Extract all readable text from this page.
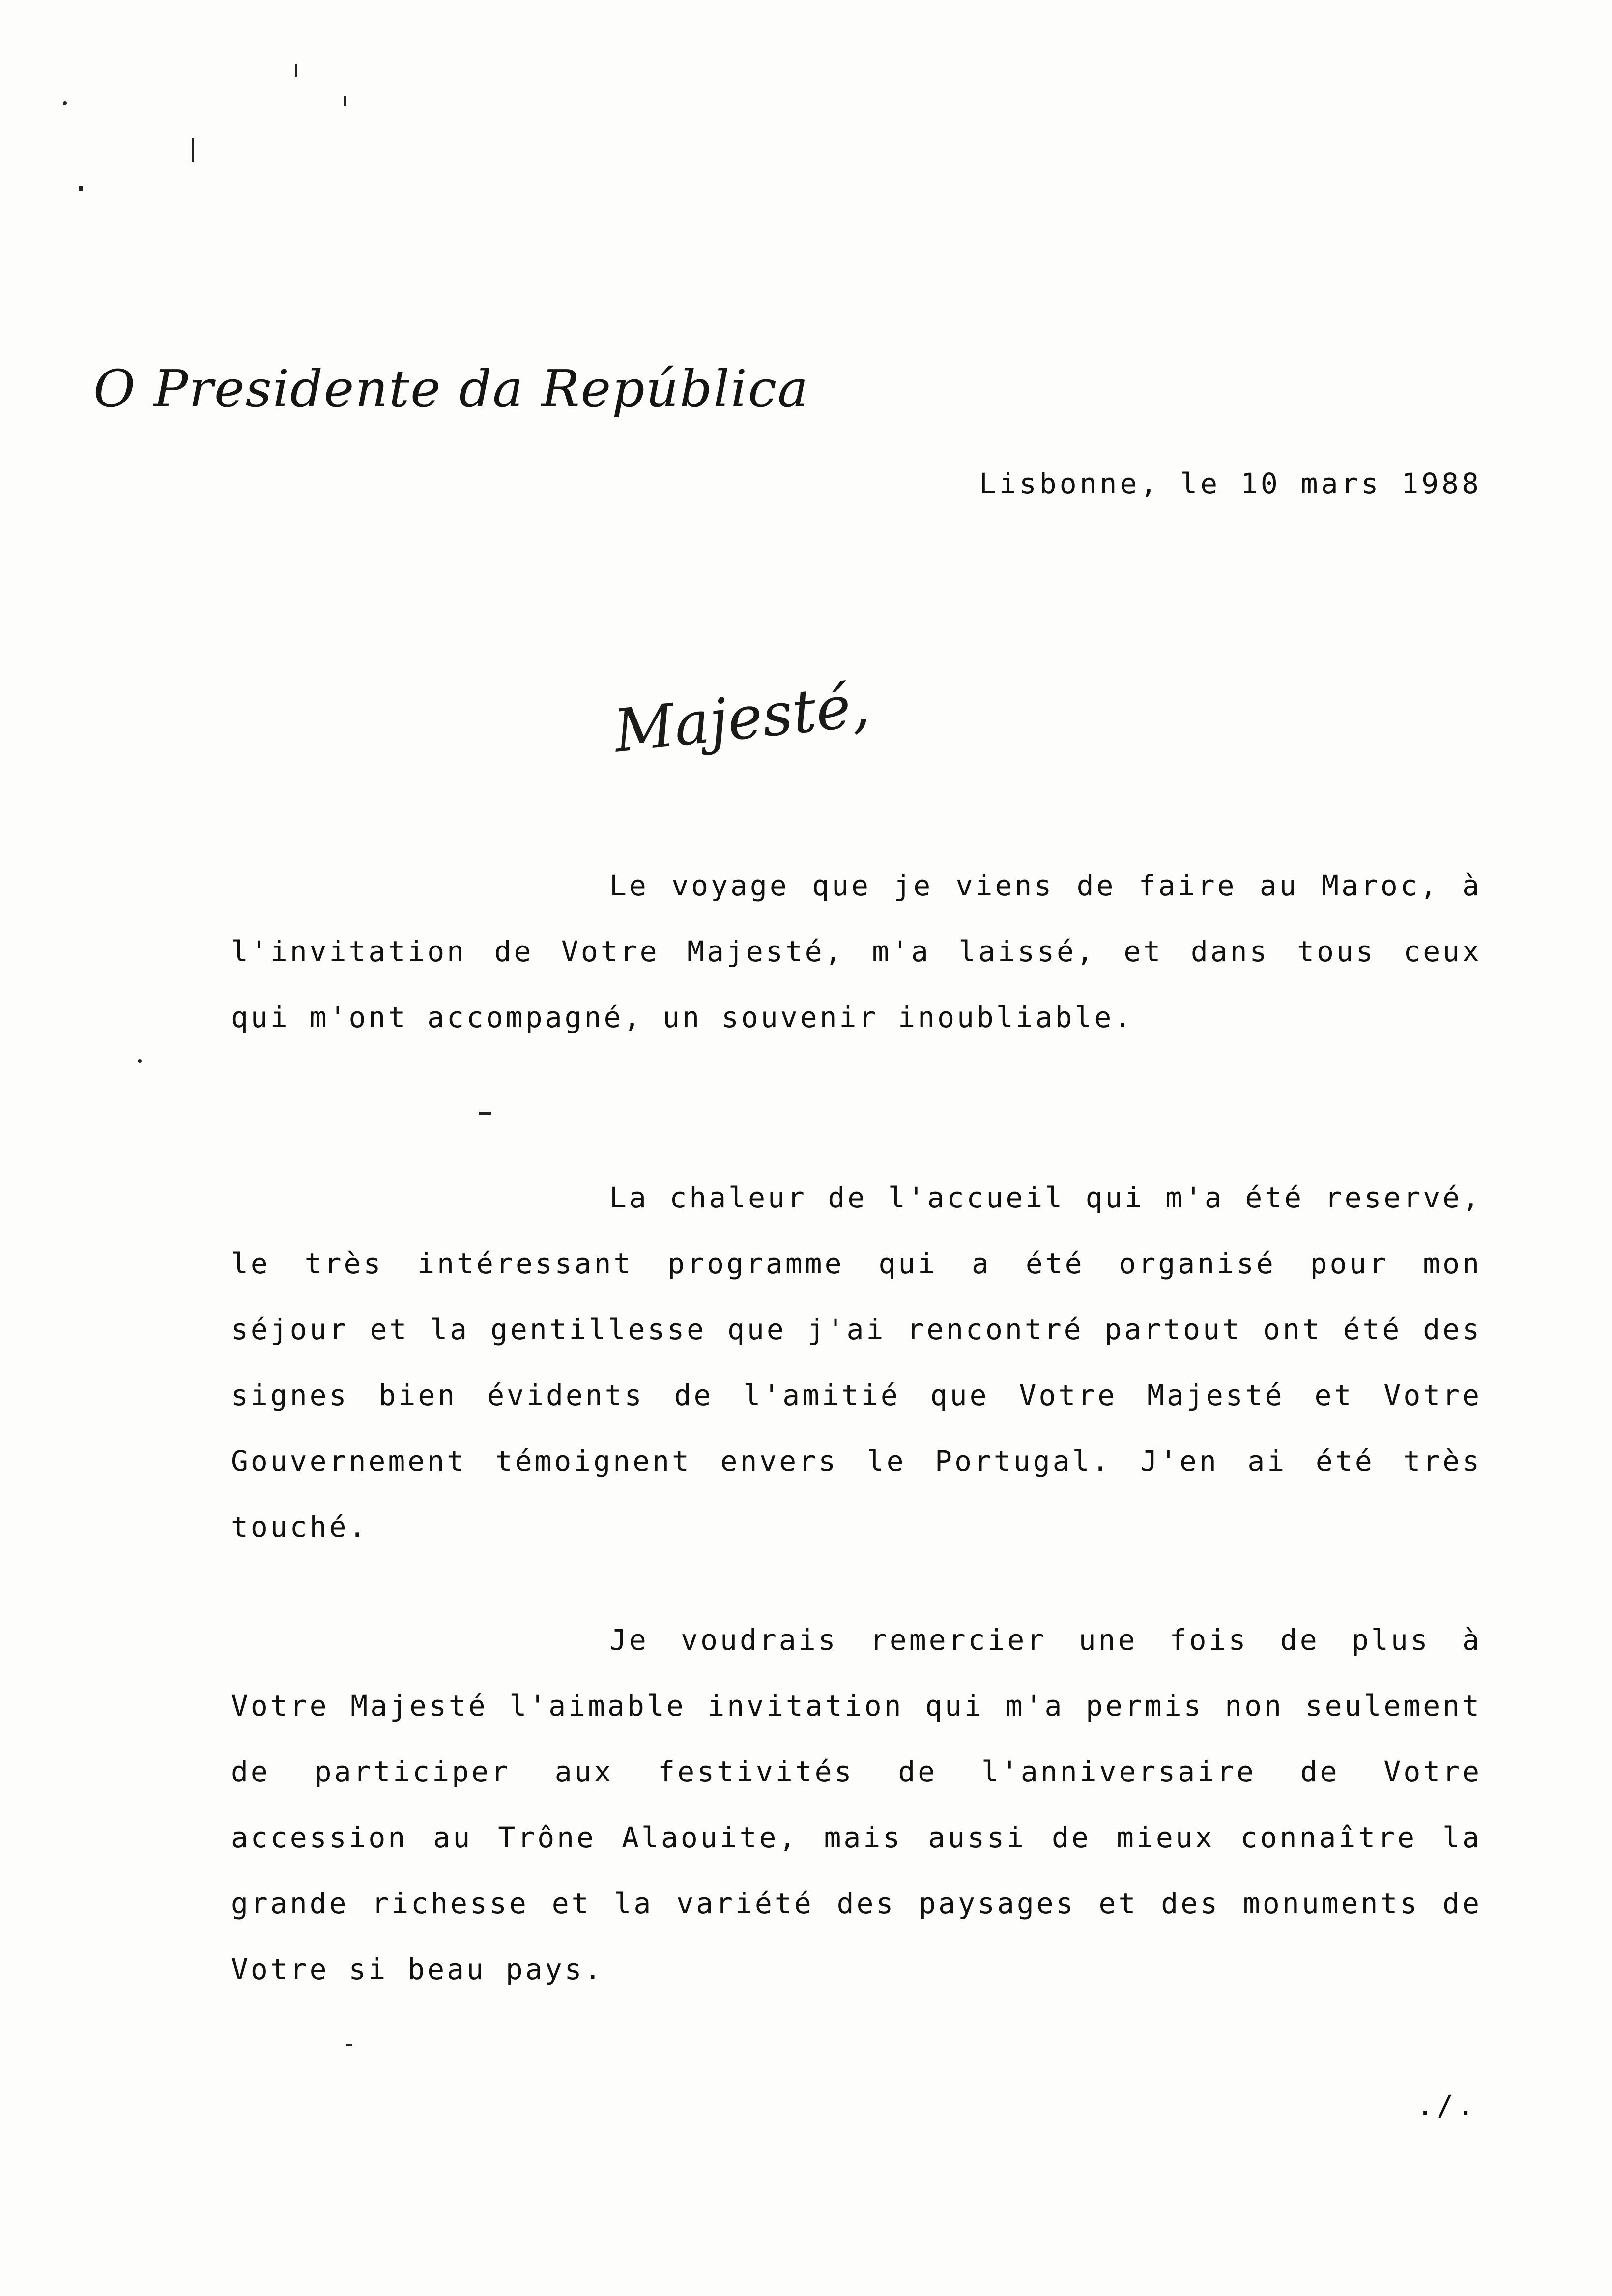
O Presidente da República
Lisbonne, le 10 mars 1988
Majesté,

Le voyage que je viens de faire au Maroc, à l'invitation de Votre Majesté, m'a laissé, et dans tous ceux qui m'ont accompagné, un souvenir inoubliable.

La chaleur de l'accueil qui m'a été reservé, le très intéressant programme qui a été organisé pour mon séjour et la gentillesse que j'ai rencontré partout ont été des signes bien évidents de l'amitié que Votre Majesté et Votre Gouvernement témoignent envers le Portugal. J'en ai été très touché.

Je voudrais remercier une fois de plus à Votre Majesté l'aimable invitation qui m'a permis non seulement de participer aux festivités de l'anniversaire de Votre accession au Trône Alaouite, mais aussi de mieux connaître la grande richesse et la variété des paysages et des monuments de Votre si beau pays.

./.
